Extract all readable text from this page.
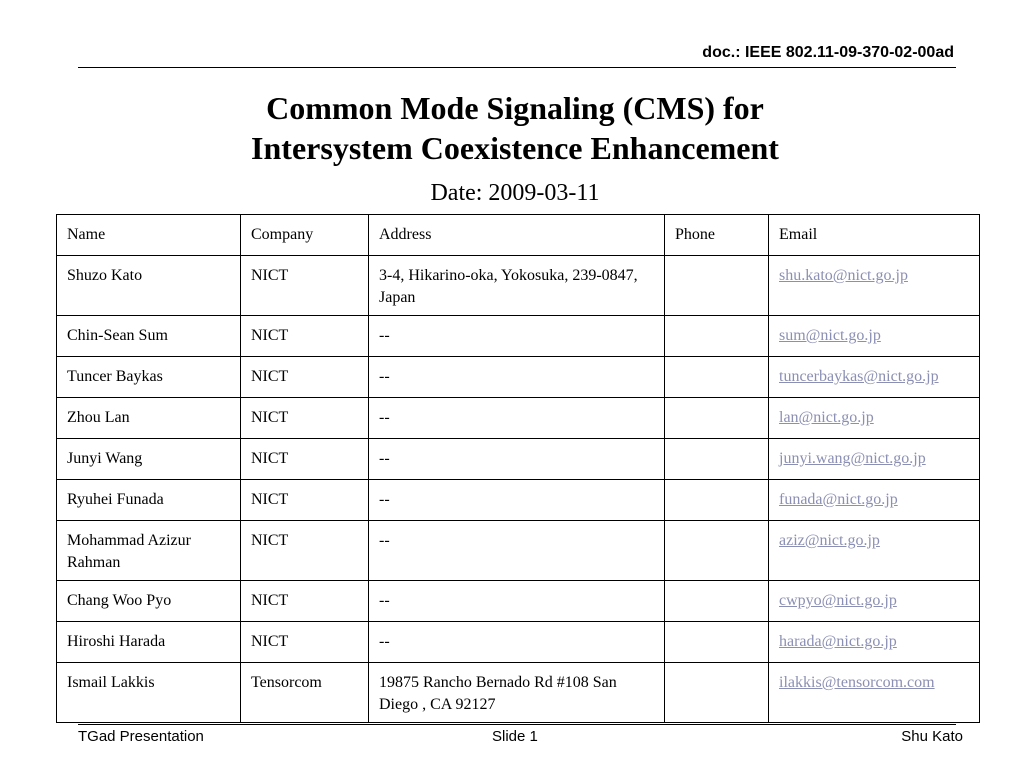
doc.: IEEE 802.11-09-370-02-00ad
Common Mode Signaling (CMS) for
Intersystem Coexistence Enhancement
Date: 2009-03-11
Name	Company	Address	Phone	Email
Shuzo Kato	NICT	3-4, Hikarino-oka, Yokosuka, 239-0847, Japan		shu.kato@nict.go.jp
Chin-Sean Sum	NICT	--		sum@nict.go.jp
Tuncer Baykas	NICT	--		tuncerbaykas@nict.go.jp
Zhou Lan	NICT	--		lan@nict.go.jp
Junyi Wang	NICT	--		junyi.wang@nict.go.jp
Ryuhei Funada	NICT	--		funada@nict.go.jp
Mohammad Azizur Rahman	NICT	--		aziz@nict.go.jp
Chang Woo Pyo	NICT	--		cwpyo@nict.go.jp
Hiroshi Harada	NICT	--		harada@nict.go.jp
Ismail Lakkis	Tensorcom	19875 Rancho Bernado Rd #108 San Diego , CA 92127		ilakkis@tensorcom.com
TGad Presentation	Slide 1	Shu Kato
